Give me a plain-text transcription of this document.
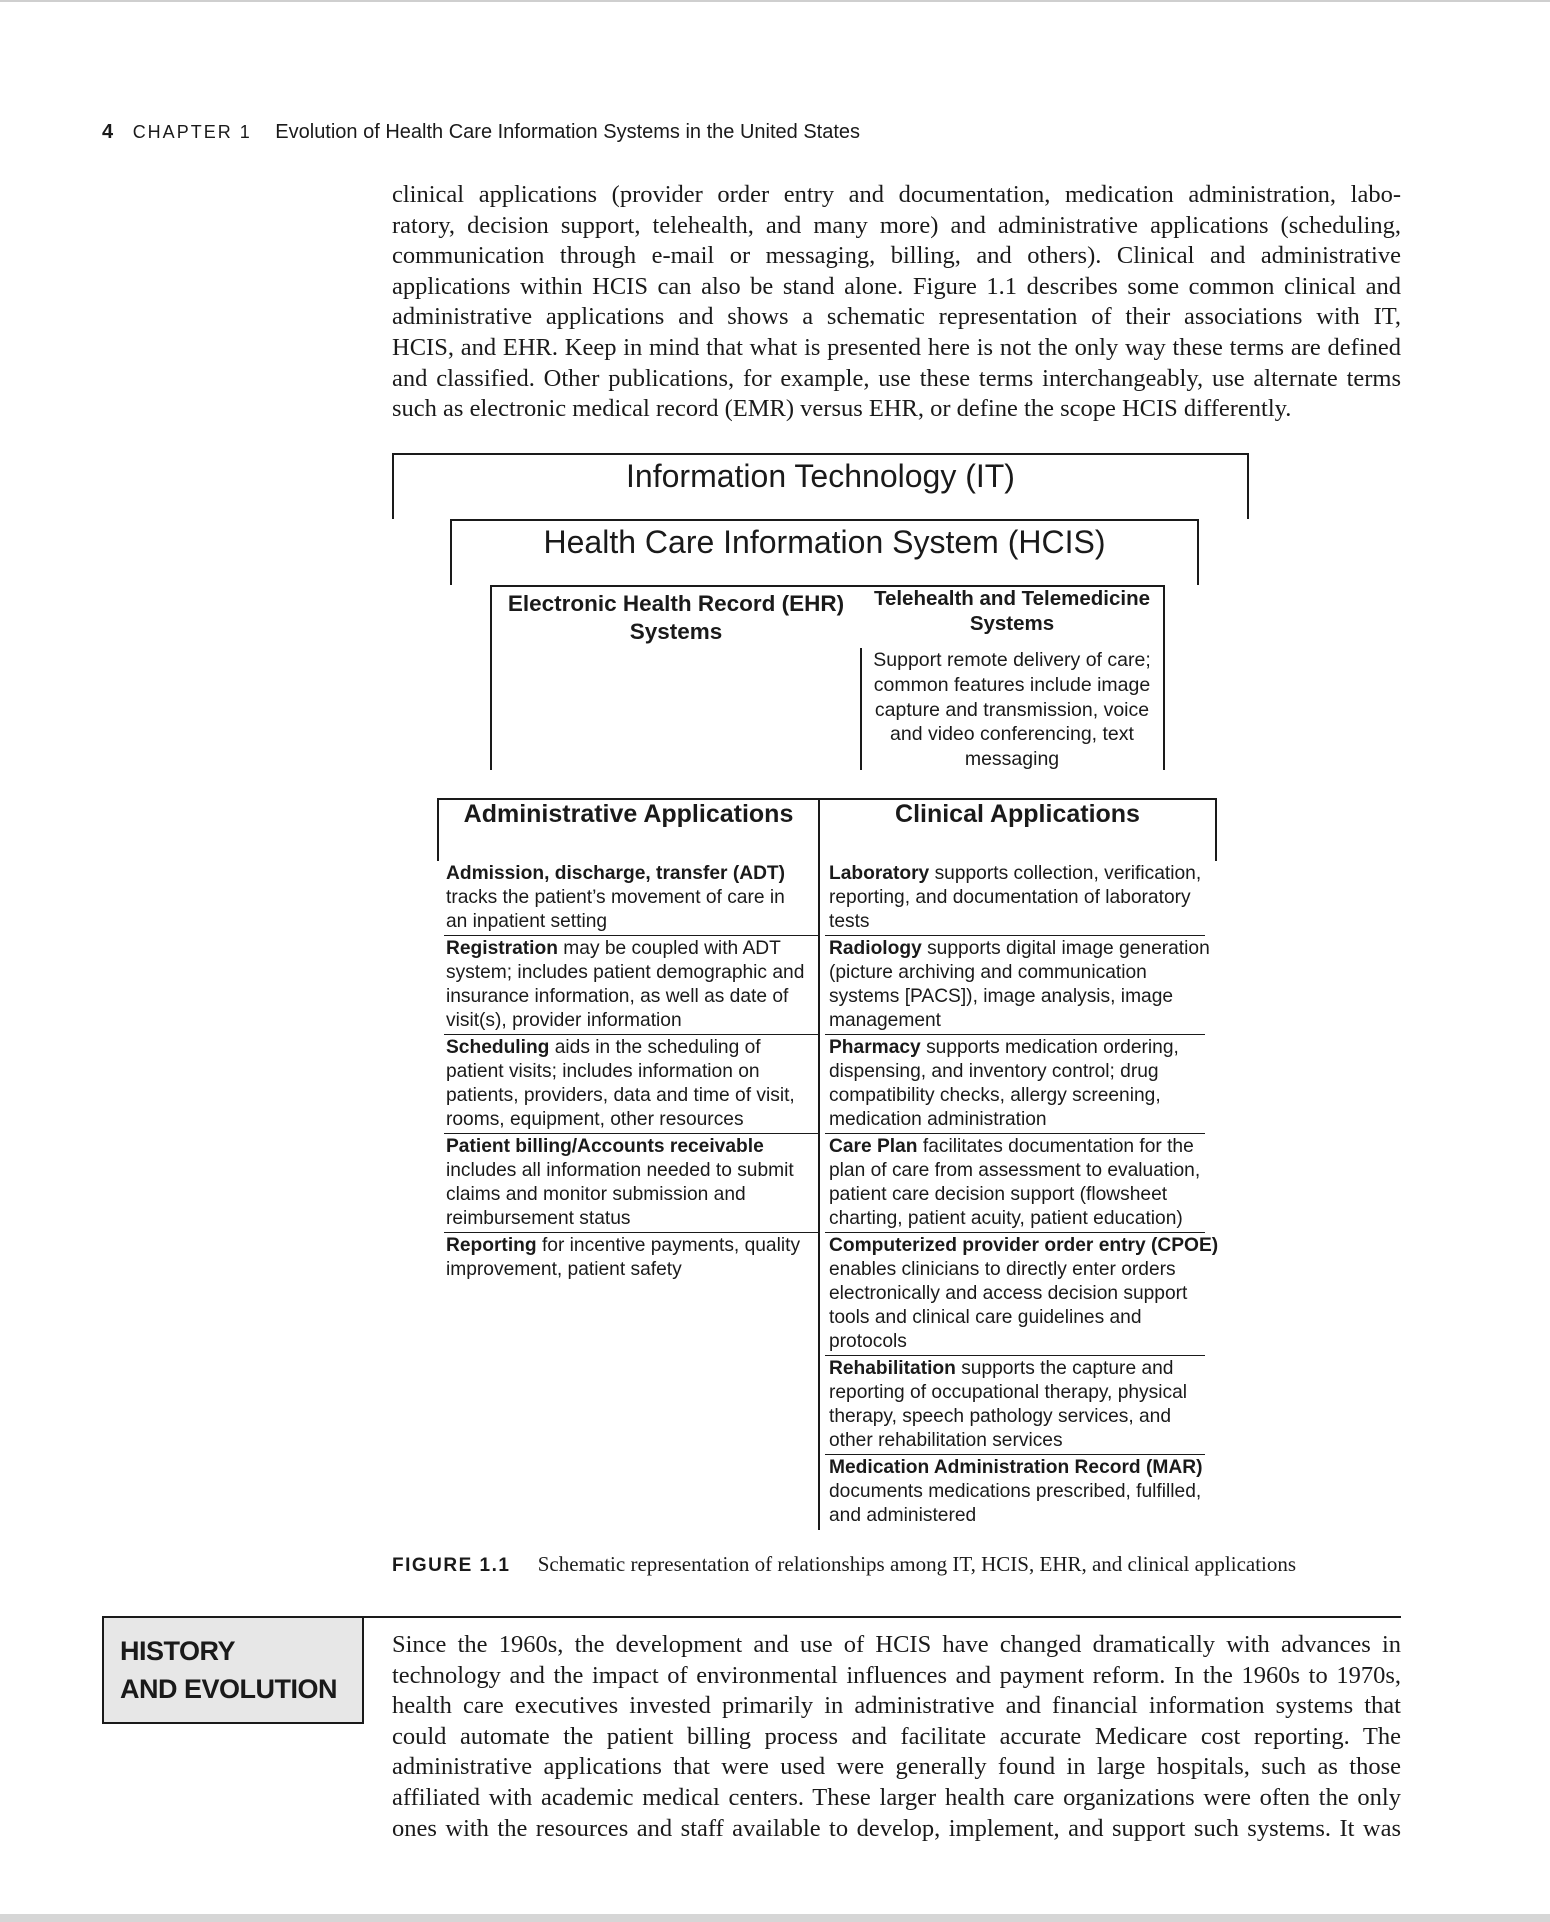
4 CHAPTER 1 Evolution of Health Care Information Systems in the United States
clinical applications (provider order entry and documentation, medication administration, labo-
ratory, decision support, telehealth, and many more) and administrative applications (scheduling,
communication through e-mail or messaging, billing, and others). Clinical and administrative
applications within HCIS can also be stand alone. Figure 1.1 describes some common clinical and
administrative applications and shows a schematic representation of their associations with IT,
HCIS, and EHR. Keep in mind that what is presented here is not the only way these terms are defined
and classified. Other publications, for example, use these terms interchangeably, use alternate terms
such as electronic medical record (EMR) versus EHR, or define the scope HCIS differently.
Information Technology (IT)
Health Care Information System (HCIS)
Electronic Health Record (EHR)
Systems
Telehealth and Telemedicine
Systems
Support remote delivery of care;
common features include image
capture and transmission, voice
and video conferencing, text
messaging
Administrative Applications	Clinical Applications
Admission, discharge, transfer (ADT)
tracks the patient’s movement of care in
an inpatient setting
Registration may be coupled with ADT
system; includes patient demographic and
insurance information, as well as date of
visit(s), provider information
Scheduling aids in the scheduling of
patient visits; includes information on
patients, providers, data and time of visit,
rooms, equipment, other resources
Patient billing/Accounts receivable
includes all information needed to submit
claims and monitor submission and
reimbursement status
Reporting for incentive payments, quality
improvement, patient safety
Laboratory supports collection, verification,
reporting, and documentation of laboratory
tests
Radiology supports digital image generation
(picture archiving and communication
systems [PACS]), image analysis, image
management
Pharmacy supports medication ordering,
dispensing, and inventory control; drug
compatibility checks, allergy screening,
medication administration
Care Plan facilitates documentation for the
plan of care from assessment to evaluation,
patient care decision support (flowsheet
charting, patient acuity, patient education)
Computerized provider order entry (CPOE)
enables clinicians to directly enter orders
electronically and access decision support
tools and clinical care guidelines and
protocols
Rehabilitation supports the capture and
reporting of occupational therapy, physical
therapy, speech pathology services, and
other rehabilitation services
Medication Administration Record (MAR)
documents medications prescribed, fulfilled,
and administered
FIGURE 1.1 Schematic representation of relationships among IT, HCIS, EHR, and clinical applications
HISTORY
AND EVOLUTION
Since the 1960s, the development and use of HCIS have changed dramatically with advances in
technology and the impact of environmental influences and payment reform. In the 1960s to 1970s,
health care executives invested primarily in administrative and financial information systems that
could automate the patient billing process and facilitate accurate Medicare cost reporting. The
administrative applications that were used were generally found in large hospitals, such as those
affiliated with academic medical centers. These larger health care organizations were often the only
ones with the resources and staff available to develop, implement, and support such systems. It was
